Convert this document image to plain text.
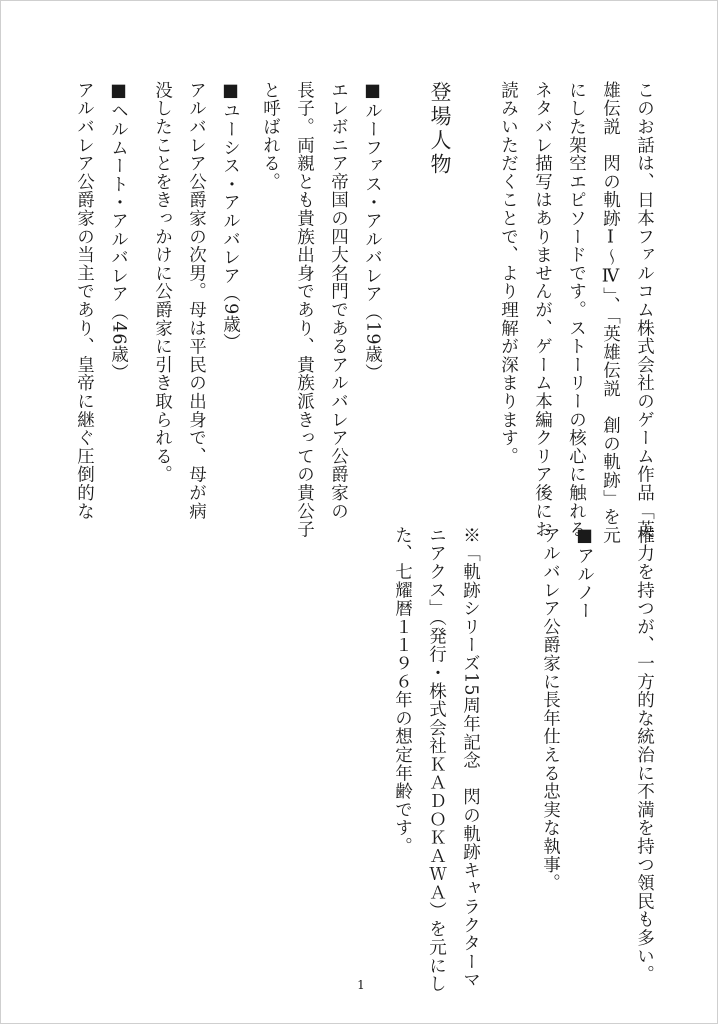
このお話は、日本ファルコム株式会社のゲーム作品「英
雄伝説　閃の軌跡Ⅰ～Ⅳ」、「英雄伝説　創の軌跡」を元
にした架空エピソードです。ストーリーの核心に触れる
ネタバレ描写はありませんが、ゲーム本編クリア後にお
読みいただくことで、より理解が深まります。
登場人物
■ルーファス・アルバレア（19歳）
エレボニア帝国の四大名門であるアルバレア公爵家の
長子。両親とも貴族出身であり、貴族派きっての貴公子
と呼ばれる。
■ユーシス・アルバレア（9歳）
アルバレア公爵家の次男。母は平民の出身で、母が病
没したことをきっかけに公爵家に引き取られる。
■ヘルムート・アルバレア（46歳）
アルバレア公爵家の当主であり、皇帝に継ぐ圧倒的な
権力を持つが、一方的な統治に不満を持つ領民も多い。
■アルノー
アルバレア公爵家に長年仕える忠実な執事。
※「軌跡シリーズ15周年記念　閃の軌跡キャラクターマ
ニアクス」（発行・株式会社ＫＡＤＯＫＡＷＡ）を元にし
た、七耀暦１１９６年の想定年齢です。
1
